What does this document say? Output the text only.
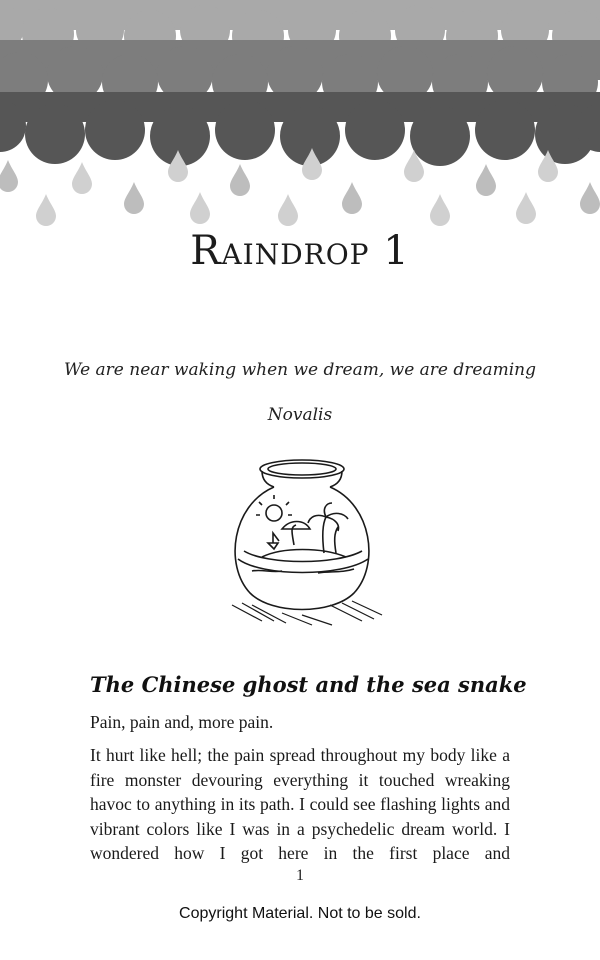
Raindrop 1
We are near waking when we dream, we are dreaming
Novalis
The Chinese ghost and the sea snake

Pain, pain and, more pain.

It hurt like hell; the pain spread throughout my body like a fire monster devouring everything it touched wreaking havoc to anything in its path. I could see flashing lights and vibrant colors like I was in a psychedelic dream world. I wondered how I got here in the first place and

1
Copyright Material. Not to be sold.
